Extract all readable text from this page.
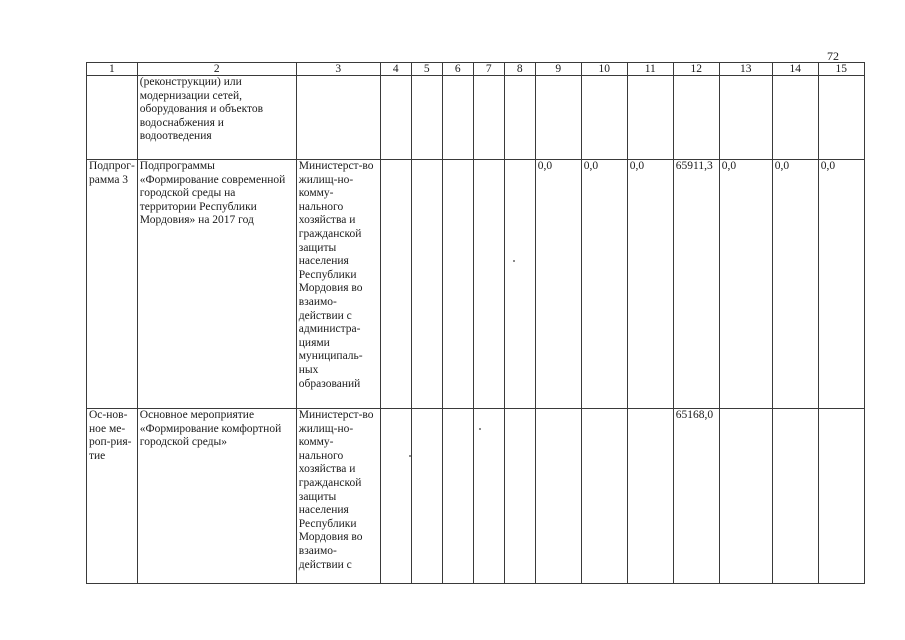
72
1	2	3	4	5	6	7	8	9	10	11	12	13	14	15
	(реконструкции) или модернизации сетей, оборудования и объектов водоснабжения и водоотведения													
Подпрог-рамма 3	Подпрограммы «Формирование современной городской среды на территории Республики Мордовия» на 2017 год	Министерст-во жилищ-но-комму-нального хозяйства и гражданской защиты населения Республики Мордовия во взаимо-действии с администра-циями муниципаль-ных образований						0,0	0,0	0,0	65911,3	0,0	0,0	0,0
Ос-нов-ное ме-роп-рия-тие	Основное мероприятие «Формирование комфортной городской среды»	Министерст-во жилищ-но-комму-нального хозяйства и гражданской защиты населения Республики Мордовия во взаимо-действии с									65168,0			
